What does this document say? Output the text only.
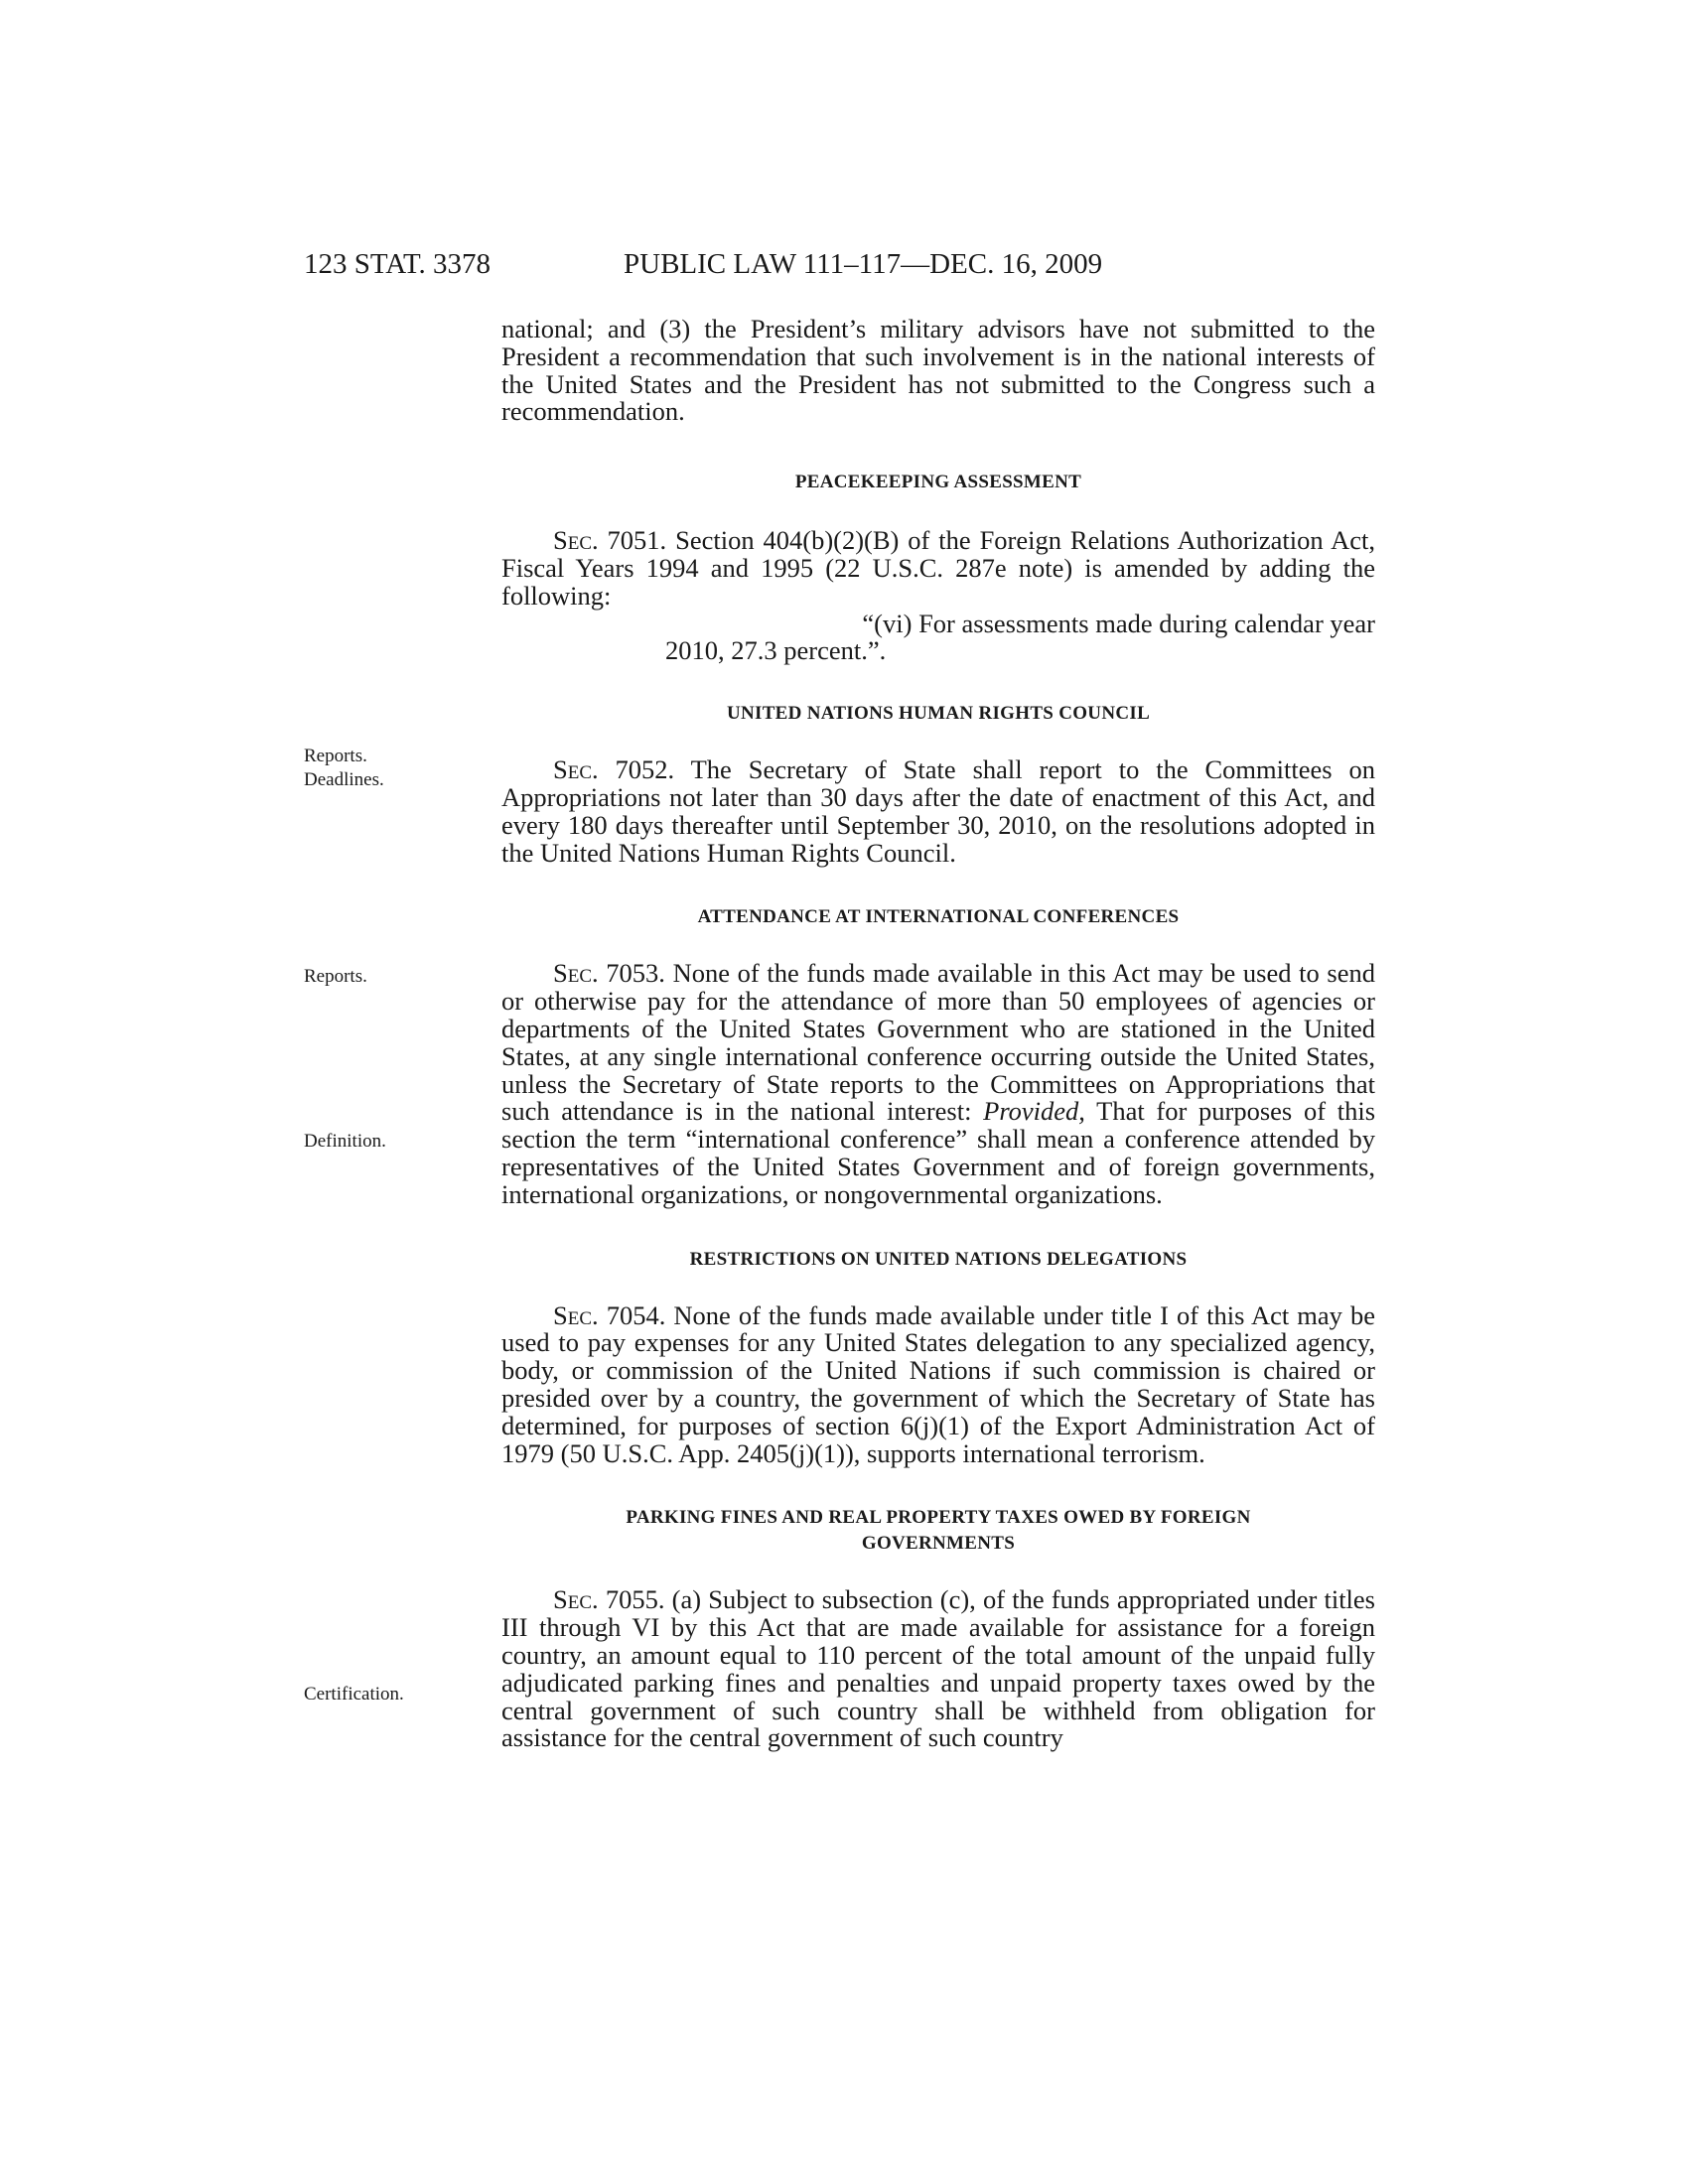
123 STAT. 3378	PUBLIC LAW 111–117—DEC. 16, 2009
Reports.
Deadlines.
Reports.
Definition.
Certification.

national; and (3) the President’s military advisors have not submitted to the President a recommendation that such involvement is in the national interests of the United States and the President has not submitted to the Congress such a recommendation.

PEACEKEEPING ASSESSMENT

Sec. 7051. Section 404(b)(2)(B) of the Foreign Relations Authorization Act, Fiscal Years 1994 and 1995 (22 U.S.C. 287e note) is amended by adding the following:

“(vi) For assessments made during calendar year

2010, 27.3 percent.”.

UNITED NATIONS HUMAN RIGHTS COUNCIL

Sec. 7052. The Secretary of State shall report to the Committees on Appropriations not later than 30 days after the date of enactment of this Act, and every 180 days thereafter until September 30, 2010, on the resolutions adopted in the United Nations Human Rights Council.

ATTENDANCE AT INTERNATIONAL CONFERENCES

Sec. 7053. None of the funds made available in this Act may be used to send or otherwise pay for the attendance of more than 50 employees of agencies or departments of the United States Government who are stationed in the United States, at any single international conference occurring outside the United States, unless the Secretary of State reports to the Committees on Appropriations that such attendance is in the national interest: Provided, That for purposes of this section the term “international conference” shall mean a conference attended by representatives of the United States Government and of foreign governments, international organizations, or nongovernmental organizations.

RESTRICTIONS ON UNITED NATIONS DELEGATIONS

Sec. 7054. None of the funds made available under title I of this Act may be used to pay expenses for any United States delegation to any specialized agency, body, or commission of the United Nations if such commission is chaired or presided over by a country, the government of which the Secretary of State has determined, for purposes of section 6(j)(1) of the Export Administration Act of 1979 (50 U.S.C. App. 2405(j)(1)), supports international terrorism.

PARKING FINES AND REAL PROPERTY TAXES OWED BY FOREIGN
GOVERNMENTS

Sec. 7055. (a) Subject to subsection (c), of the funds appropriated under titles III through VI by this Act that are made available for assistance for a foreign country, an amount equal to 110 percent of the total amount of the unpaid fully adjudicated parking fines and penalties and unpaid property taxes owed by the central government of such country shall be withheld from obligation for assistance for the central government of such country
